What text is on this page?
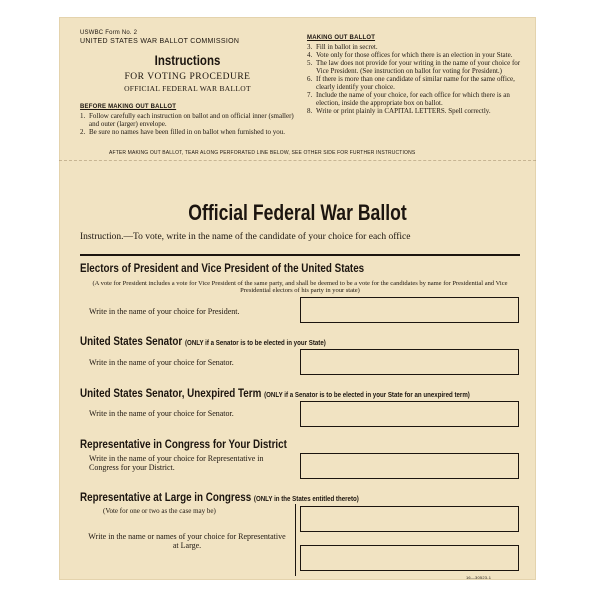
USWBC Form No. 2
UNITED STATES WAR BALLOT COMMISSION
Instructions
FOR VOTING PROCEDURE
OFFICIAL FEDERAL WAR BALLOT
BEFORE MAKING OUT BALLOT
1. Follow carefully each instruction on ballot and on official inner (smaller) and outer (larger) envelope.
2. Be sure no names have been filled in on ballot when furnished to you.
MAKING OUT BALLOT
3. Fill in ballot in secret.
4. Vote only for those offices for which there is an election in your State.
5. The law does not provide for your writing in the name of your choice for Vice President. (See instruction on ballot for voting for President.)
6. If there is more than one candidate of similar name for the same office, clearly identify your choice.
7. Include the name of your choice, for each office for which there is an election, inside the appropriate box on ballot.
8. Write or print plainly in CAPITAL LETTERS. Spell correctly.
AFTER MAKING OUT BALLOT, TEAR ALONG PERFORATED LINE BELOW, SEE OTHER SIDE FOR FURTHER INSTRUCTIONS
Official Federal War Ballot
Instruction.—To vote, write in the name of the candidate of your choice for each office
Electors of President and Vice President of the United States
(A vote for President includes a vote for Vice President of the same party, and shall be deemed to be a vote for the candidates by name for Presidential and Vice Presidential electors of his party in your state)
Write in the name of your choice for President.
United States Senator (ONLY if a Senator is to be elected in your State)
Write in the name of your choice for Senator.
United States Senator, Unexpired Term (ONLY if a Senator is to be elected in your State for an unexpired term)
Write in the name of your choice for Senator.
Representative in Congress for Your District
Write in the name of your choice for Representative in Congress for your District.
Representative at Large in Congress (ONLY in the States entitled thereto)
(Vote for one or two as the case may be)
Write in the name or names of your choice for Representative at Large.
16—30523-1
